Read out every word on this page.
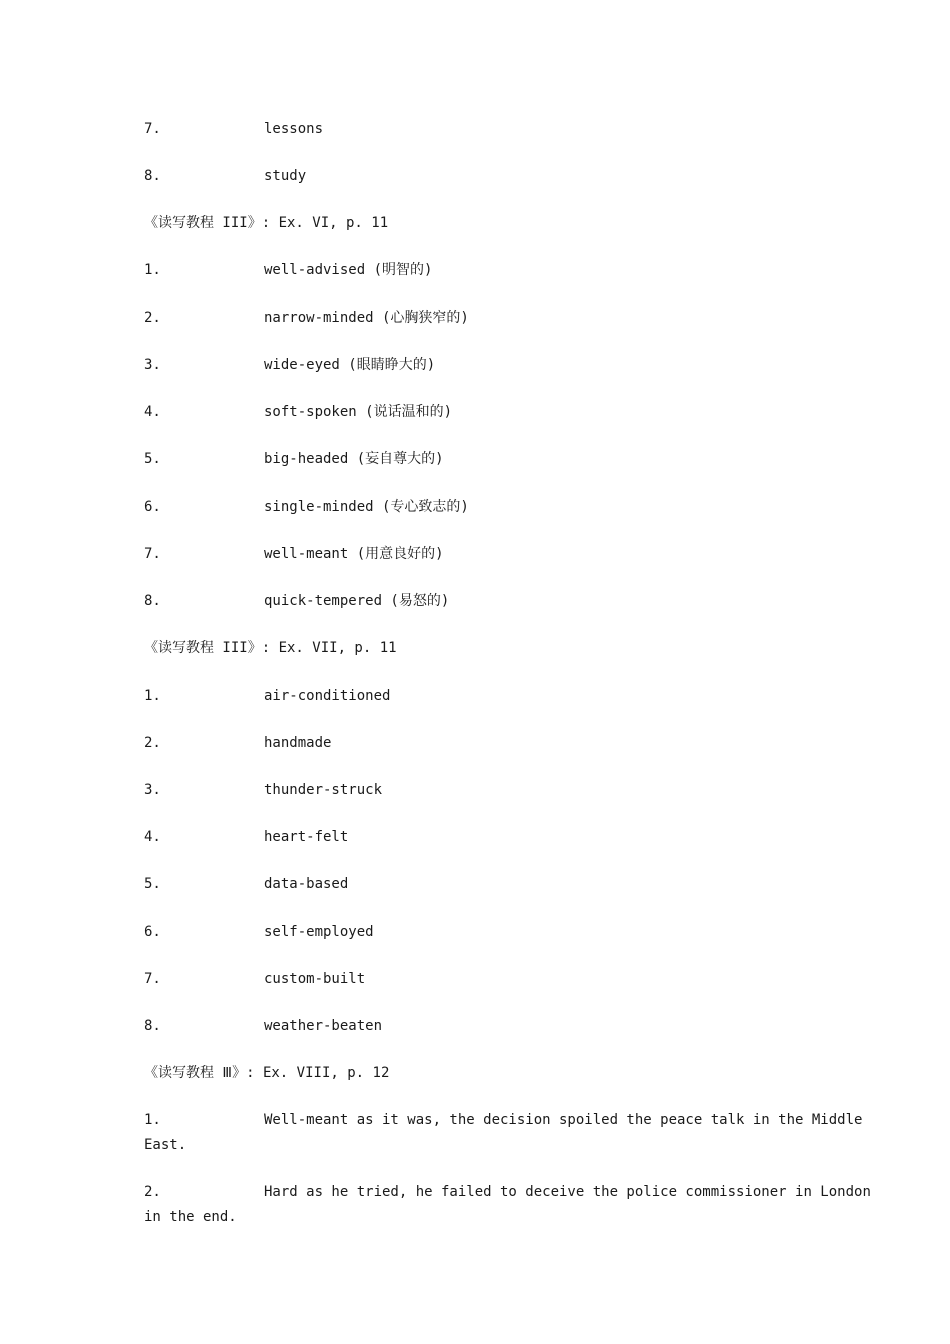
7.	lessons
8.	study
《读写教程 III》: Ex. VI, p. 11
1.	well-advised (明智的)
2.	narrow-minded (心胸狭窄的)
3.	wide-eyed (眼睛睁大的)
4.	soft-spoken (说话温和的)
5.	big-headed (妄自尊大的)
6.	single-minded (专心致志的)
7.	well-meant (用意良好的)
8.	quick-tempered (易怒的)
《读写教程 III》: Ex. VII, p. 11
1.	air-conditioned
2.	handmade
3.	thunder-struck
4.	heart-felt
5.	data-based
6.	self-employed
7.	custom-built
8.	weather-beaten
《读写教程 Ⅲ》: Ex. VIII, p. 12
1.	Well-meant as it was, the decision spoiled the peace talk in the Middle
East.
2.	Hard as he tried, he failed to deceive the police commissioner in London
in the end.
